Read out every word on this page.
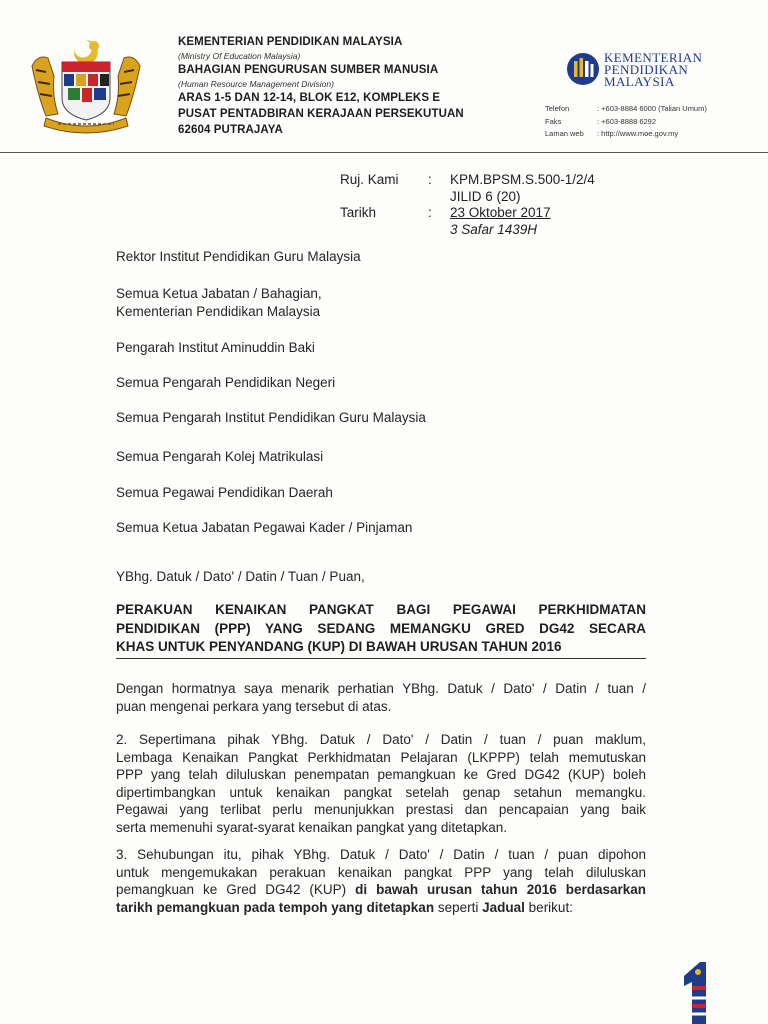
KEMENTERIAN PENDIDIKAN MALAYSIA
(Ministry Of Education Malaysia)
BAHAGIAN PENGURUSAN SUMBER MANUSIA
(Human Resource Management Division)
ARAS 1-5 DAN 12-14, BLOK E12, KOMPLEKS E
PUSAT PENTADBIRAN KERAJAAN PERSEKUTUAN
62604 PUTRAJAYA
KEMENTERIAN
PENDIDIKAN
MALAYSIA
Telefon	: +603-8884 6000 (Talian Umum)
Faks	: +603-8888 6292
Laman web	: http://www.moe.gov.my
Ruj. Kami	:	KPM.BPSM.S.500-1/2/4
JILID 6 (20)
Tarikh	:	23 Oktober 2017
3 Safar 1439H
Rektor Institut Pendidikan Guru Malaysia
Semua Ketua Jabatan / Bahagian,
Kementerian Pendidikan Malaysia
Pengarah Institut Aminuddin Baki
Semua Pengarah Pendidikan Negeri
Semua Pengarah Institut Pendidikan Guru Malaysia
Semua Pengarah Kolej Matrikulasi
Semua Pegawai Pendidikan Daerah
Semua Ketua Jabatan Pegawai Kader / Pinjaman
YBhg. Datuk / Dato' / Datin / Tuan / Puan,
PERAKUAN KENAIKAN PANGKAT BAGI PEGAWAI PERKHIDMATAN
PENDIDIKAN (PPP) YANG SEDANG MEMANGKU GRED DG42 SECARA
KHAS UNTUK PENYANDANG (KUP) DI BAWAH URUSAN TAHUN 2016
Dengan hormatnya saya menarik perhatian YBhg. Datuk / Dato' / Datin / tuan /
puan mengenai perkara yang tersebut di atas.
2. Sepertimana pihak YBhg. Datuk / Dato' / Datin / tuan / puan maklum,
Lembaga Kenaikan Pangkat Perkhidmatan Pelajaran (LKPPP) telah memutuskan
PPP yang telah diluluskan penempatan pemangkuan ke Gred DG42 (KUP) boleh
dipertimbangkan untuk kenaikan pangkat setelah genap setahun memangku.
Pegawai yang terlibat perlu menunjukkan prestasi dan pencapaian yang baik
serta memenuhi syarat-syarat kenaikan pangkat yang ditetapkan.
3. Sehubungan itu, pihak YBhg. Datuk / Dato' / Datin / tuan / puan dipohon
untuk mengemukakan perakuan kenaikan pangkat PPP yang telah diluluskan
pemangkuan ke Gred DG42 (KUP) di bawah urusan tahun 2016 berdasarkan
tarikh pemangkuan pada tempoh yang ditetapkan seperti Jadual berikut:
